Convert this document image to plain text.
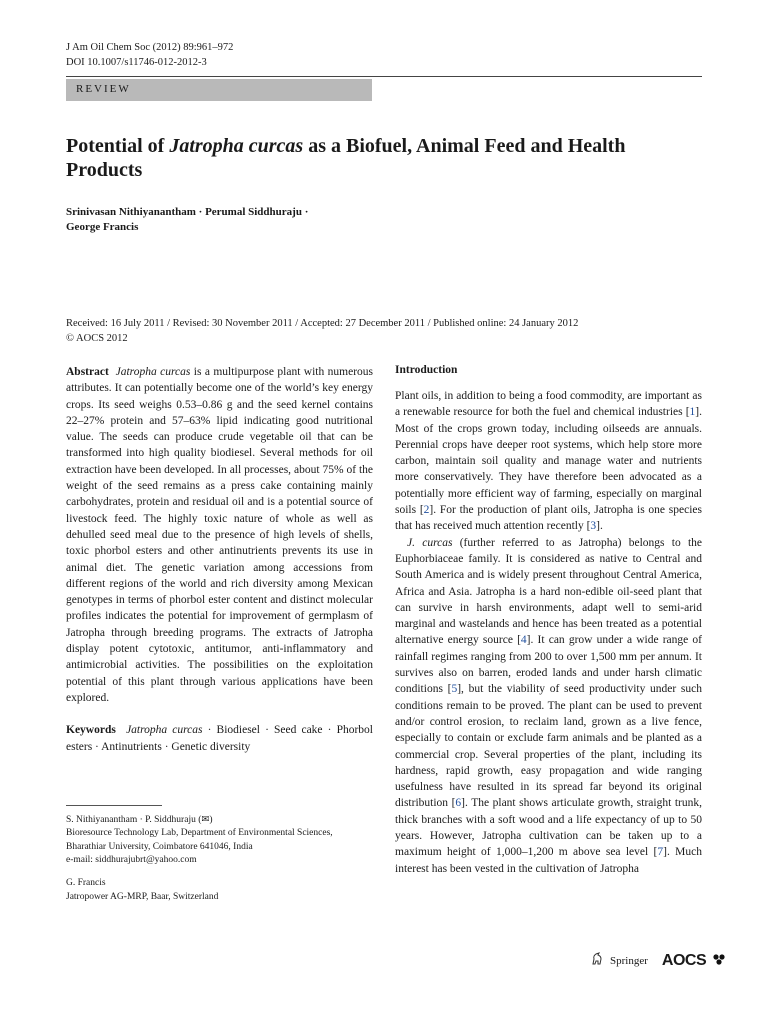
J Am Oil Chem Soc (2012) 89:961–972
DOI 10.1007/s11746-012-2012-3
REVIEW
Potential of Jatropha curcas as a Biofuel, Animal Feed and Health Products
Srinivasan Nithiyanantham · Perumal Siddhuraju ·
George Francis
Received: 16 July 2011 / Revised: 30 November 2011 / Accepted: 27 December 2011 / Published online: 24 January 2012
© AOCS 2012

Abstract Jatropha curcas is a multipurpose plant with numerous attributes. It can potentially become one of the world’s key energy crops. Its seed weighs 0.53–0.86 g and the seed kernel contains 22–27% protein and 57–63% lipid indicating good nutritional value. The seeds can produce crude vegetable oil that can be transformed into high quality biodiesel. Several methods for oil extraction have been developed. In all processes, about 75% of the weight of the seed remains as a press cake containing mainly carbohydrates, protein and residual oil and is a potential source of livestock feed. The highly toxic nature of whole as well as dehulled seed meal due to the presence of high levels of shells, toxic phorbol esters and other antinutrients prevents its use in animal diet. The genetic variation among accessions from different regions of the world and rich diversity among Mexican genotypes in terms of phorbol ester content and distinct molecular profiles indicates the potential for improvement of germplasm of Jatropha through breeding programs. The extracts of Jatropha display potent cytotoxic, antitumor, anti-inflammatory and antimicrobial activities. The possibilities on the exploitation potential of this plant through various applications have been explored.

Keywords Jatropha curcas · Biodiesel · Seed cake · Phorbol esters · Antinutrients · Genetic diversity

S. Nithiyanantham · P. Siddhuraju (✉)

Bioresource Technology Lab, Department of Environmental Sciences, Bharathiar University, Coimbatore 641046, India

e-mail: siddhurajubrt@yahoo.com

G. Francis

Jatropower AG-MRP, Baar, Switzerland

Introduction

Plant oils, in addition to being a food commodity, are important as a renewable resource for both the fuel and chemical industries [1]. Most of the crops grown today, including oilseeds are annuals. Perennial crops have deeper root systems, which help store more carbon, maintain soil quality and manage water and nutrients more conservatively. They have therefore been advocated as a potentially more efficient way of farming, especially on marginal soils [2]. For the production of plant oils, Jatropha is one species that has received much attention recently [3].

J. curcas (further referred to as Jatropha) belongs to the Euphorbiaceae family. It is considered as native to Central and South America and is widely present throughout Central America, Africa and Asia. Jatropha is a hard non-edible oil-seed plant that can survive in harsh environments, adapt well to semi-arid marginal and wastelands and hence has been treated as a potential alternative energy source [4]. It can grow under a wide range of rainfall regimes ranging from 200 to over 1,500 mm per annum. It survives also on barren, eroded lands and under harsh climatic conditions [5], but the viability of seed productivity under such conditions remain to be proved. The plant can be used to prevent and/or control erosion, to reclaim land, grown as a live fence, especially to contain or exclude farm animals and be planted as a commercial crop. Several properties of the plant, including its hardness, rapid growth, easy propagation and wide ranging usefulness have resulted in its spread far beyond its original distribution [6]. The plant shows articulate growth, straight trunk, thick branches with a soft wood and a life expectancy of up to 50 years. However, Jatropha cultivation can be taken up to a maximum height of 1,000–1,200 m above sea level [7]. Much interest has been vested in the cultivation of Jatropha

Springer AOCS
